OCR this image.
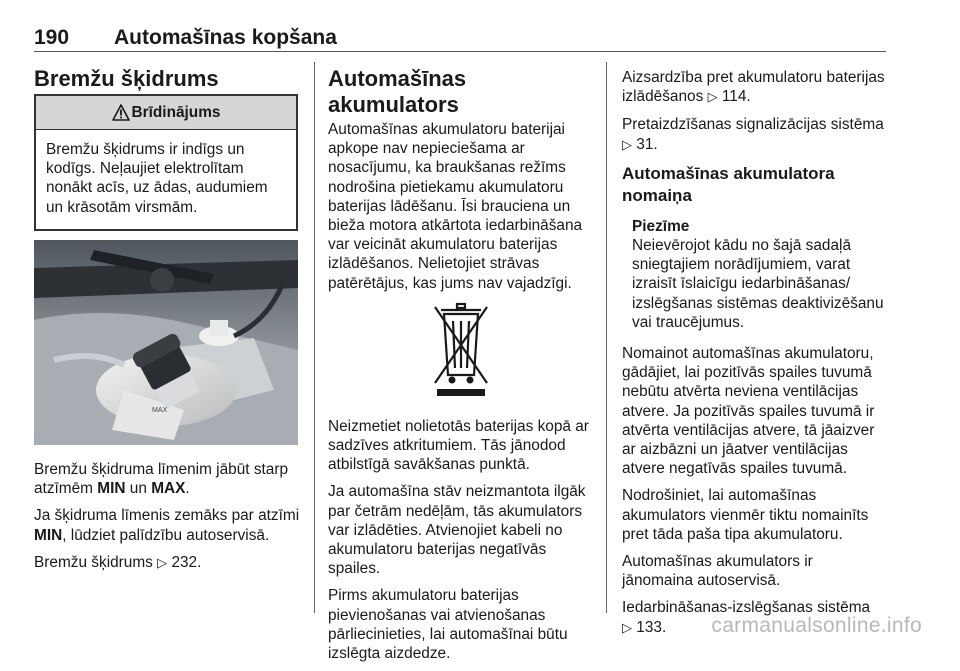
190 Automašīnas kopšana
Bremžu šķidrums
Brīdinājums
Bremžu šķidrums ir indīgs un kodīgs. Neļaujiet elektrolītam nonākt acīs, uz ādas, audumiem un krāsotām virsmām.
MAX

Bremžu šķidruma līmenim jābūt starp atzīmēm MIN un MAX.

Ja šķidruma līmenis zemāks par atzīmi MIN, lūdziet palīdzību autoservisā.

Bremžu šķidrums ▷ 232.

Automašīnas akumulators

Automašīnas akumulatoru baterijai apkope nav nepieciešama ar nosacījumu, ka braukšanas režīms nodrošina pietiekamu akumulatoru baterijas lādēšanu. Īsi brauciena un bieža motora atkārtota iedarbināšana var veicināt akumulatoru baterijas izlādēšanos. Nelietojiet strāvas patērētājus, kas jums nav vajadzīgi.

Neizmetiet nolietotās baterijas kopā ar sadzīves atkritumiem. Tās jānodod atbilstīgā savākšanas punktā.

Ja automašīna stāv neizmantota ilgāk par četrām nedēļām, tās akumulators var izlādēties. Atvienojiet kabeli no akumulatoru baterijas negatīvās spailes.

Pirms akumulatoru baterijas pievienošanas vai atvienošanas pārliecinieties, lai automašīnai būtu izslēgta aizdedze.

Aizsardzība pret akumulatoru baterijas izlādēšanos ▷ 114.

Pretaizdzīšanas signalizācijas sistēma ▷ 31.

Automašīnas akumulatora nomaiņa
Piezīme
Neievērojot kādu no šajā sadaļā sniegtajiem norādījumiem, varat izraisīt īslaicīgu iedarbināšanas/ izslēgšanas sistēmas deaktivizēšanu vai traucējumus.

Nomainot automašīnas akumulatoru, gādājiet, lai pozitīvās spailes tuvumā nebūtu atvērta neviena ventilācijas atvere. Ja pozitīvās spailes tuvumā ir atvērta ventilācijas atvere, tā jāaizver ar aizbāzni un jāatver ventilācijas atvere negatīvās spailes tuvumā.

Nodrošiniet, lai automašīnas akumulators vienmēr tiktu nomainīts pret tāda paša tipa akumulatoru.

Automašīnas akumulators ir jānomaina autoservisā.

Iedarbināšanas-izslēgšanas sistēma
▷ 133.	carmanualsonline.info
